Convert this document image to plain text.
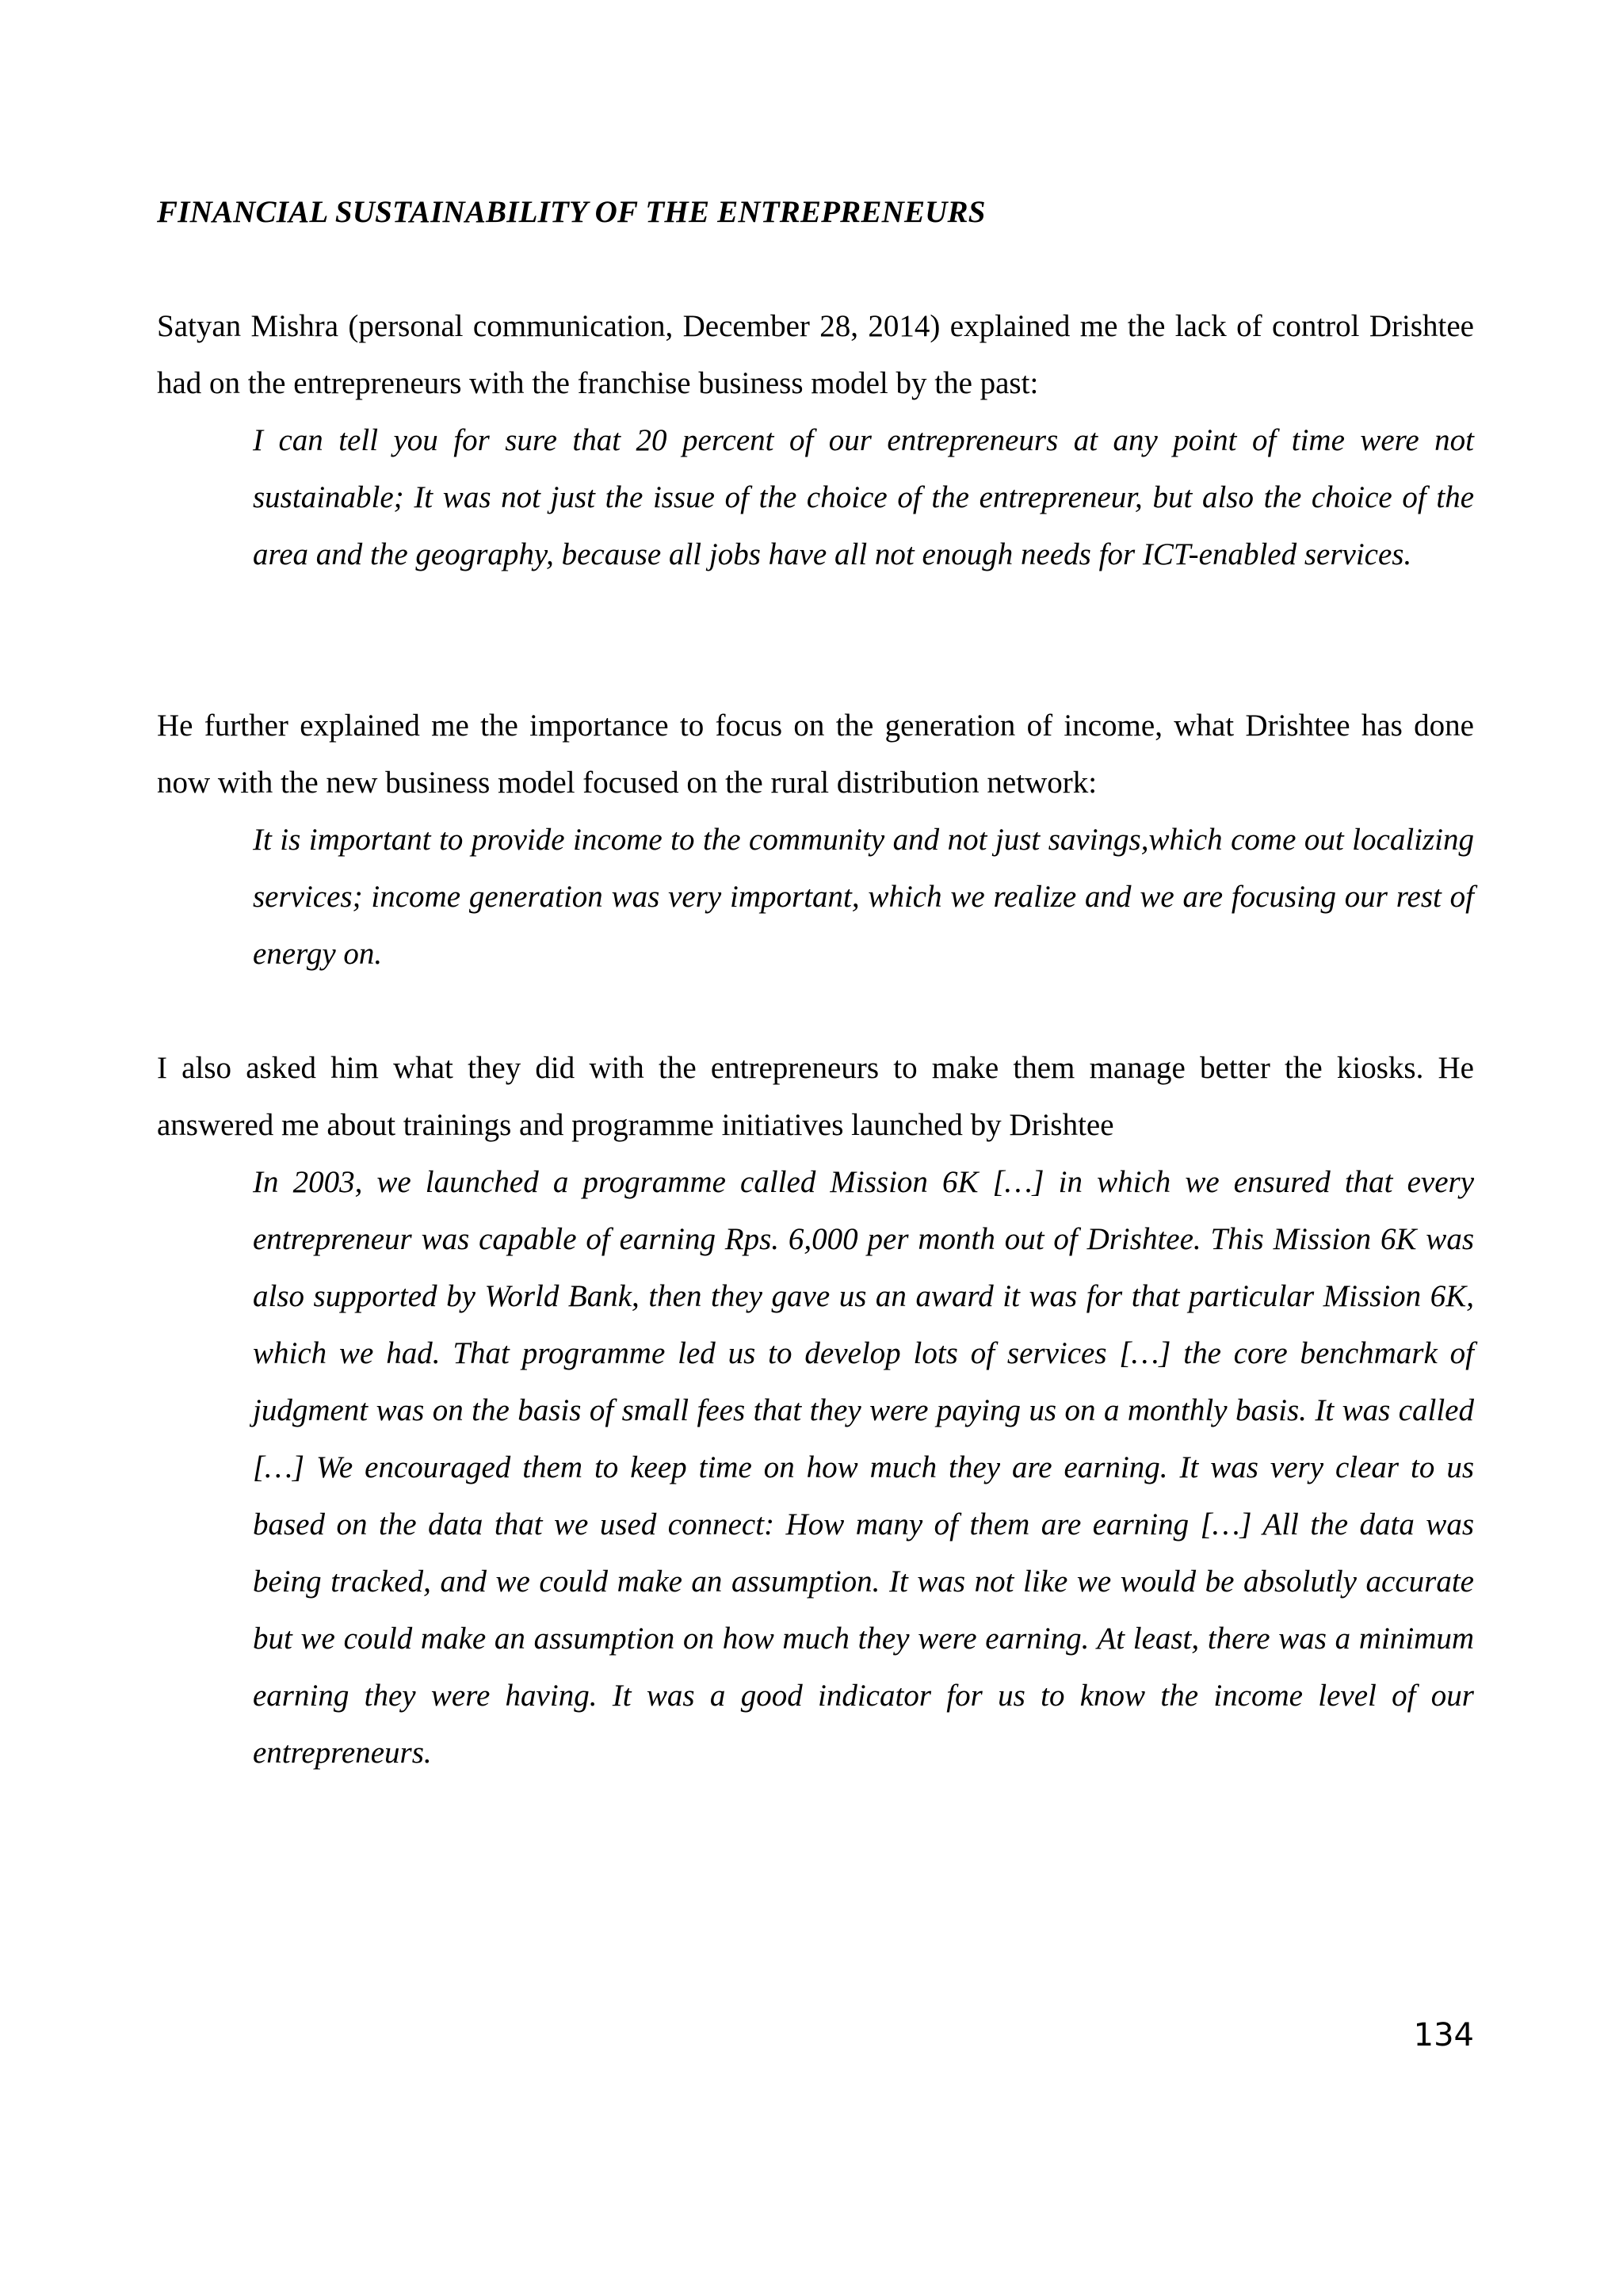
FINANCIAL SUSTAINABILITY OF THE ENTREPRENEURS

Satyan Mishra (personal communication, December 28, 2014) explained me the lack of control Drishtee had on the entrepreneurs with the franchise business model by the past:

I can tell you for sure that 20 percent of our entrepreneurs at any point of time were not sustainable; It was not just the issue of the choice of the entrepreneur, but also the choice of the area and the geography, because all jobs have all not enough needs for ICT-enabled services.

He further explained me the importance to focus on the generation of income, what Drishtee has done now with the new business model focused on the rural distribution network:

It is important to provide income to the community and not just savings,which come out localizing services; income generation was very important, which we realize and we are focusing our rest of energy on.

I also asked him what they did with the entrepreneurs to make them manage better the kiosks. He answered me about trainings and programme initiatives launched by Drishtee

In 2003, we launched a programme called Mission 6K […] in which we ensured that every entrepreneur was capable of earning Rps. 6,000 per month out of Drishtee. This Mission 6K was also supported by World Bank, then they gave us an award it was for that particular Mission 6K, which we had. That programme led us to develop lots of services […] the core benchmark of judgment was on the basis of small fees that they were paying us on a monthly basis. It was called […] We encouraged them to keep time on how much they are earning. It was very clear to us based on the data that we used connect: How many of them are earning […] All the data was being tracked, and we could make an assumption. It was not like we would be absolutly accurate but we could make an assumption on how much they were earning. At least, there was a minimum earning they were having. It was a good indicator for us to know the income level of our entrepreneurs.

134
